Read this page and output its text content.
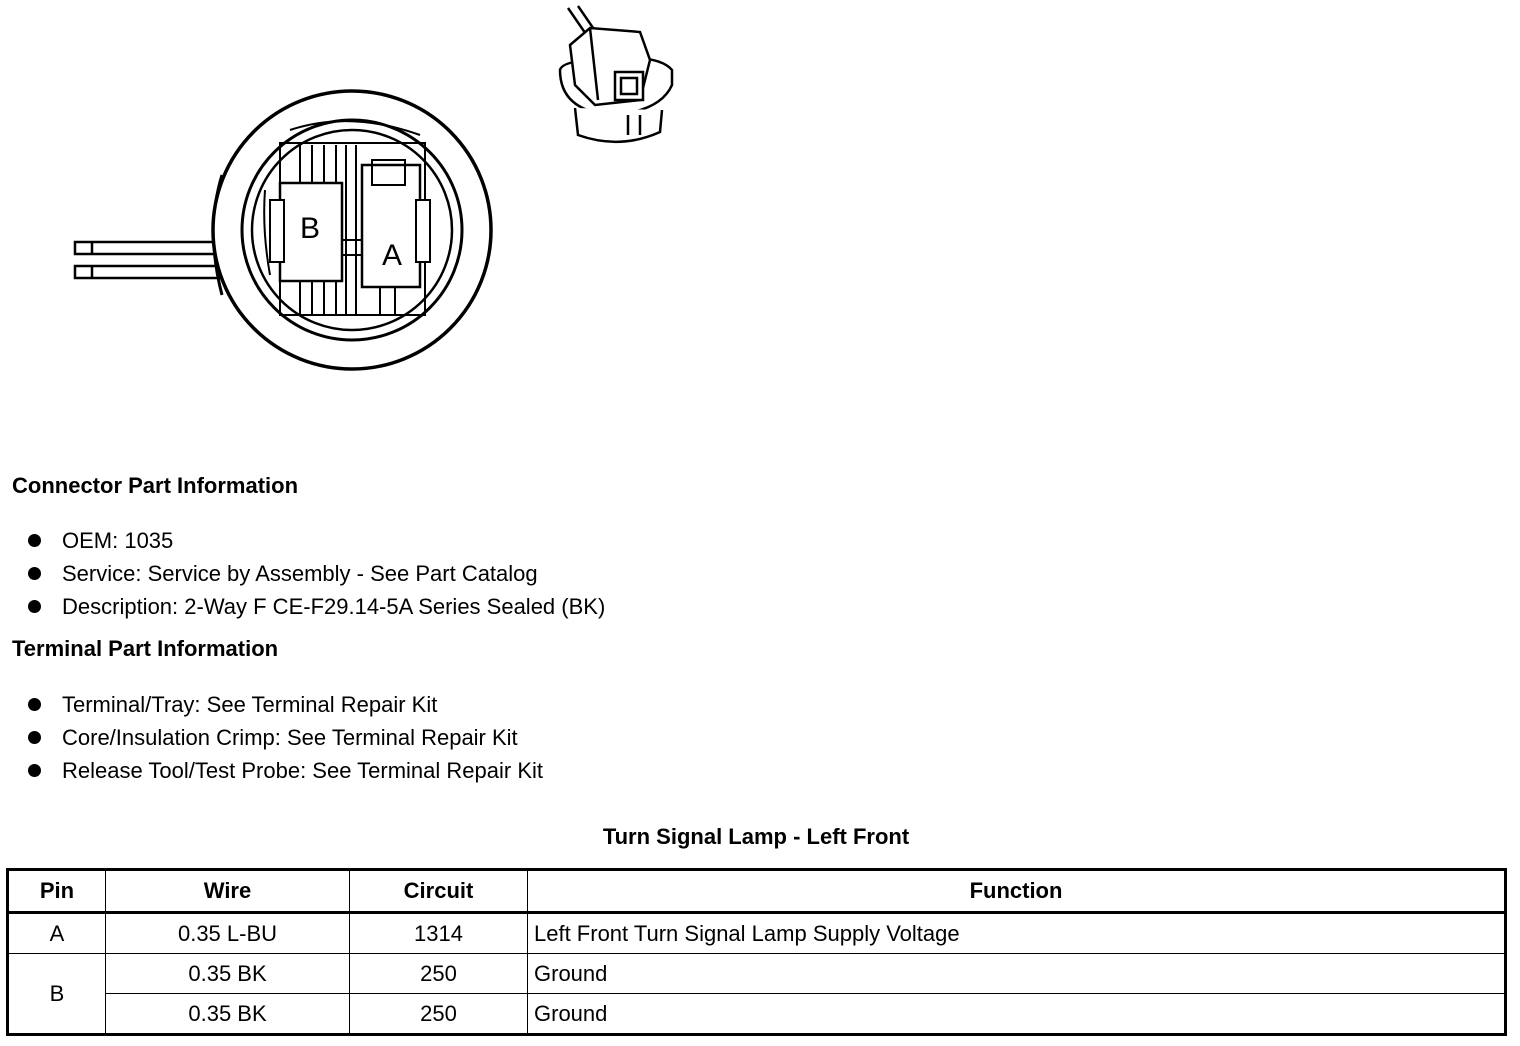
B
A
Connector Part Information
OEM: 1035
Service: Service by Assembly - See Part Catalog
Description: 2-Way F CE-F29.14-5A Series Sealed (BK)
Terminal Part Information
Terminal/Tray: See Terminal Repair Kit
Core/Insulation Crimp: See Terminal Repair Kit
Release Tool/Test Probe: See Terminal Repair Kit
Turn Signal Lamp - Left Front
Pin	Wire	Circuit	Function
A	0.35 L-BU	1314	Left Front Turn Signal Lamp Supply Voltage
B	0.35 BK	250	Ground
	0.35 BK	250	Ground
